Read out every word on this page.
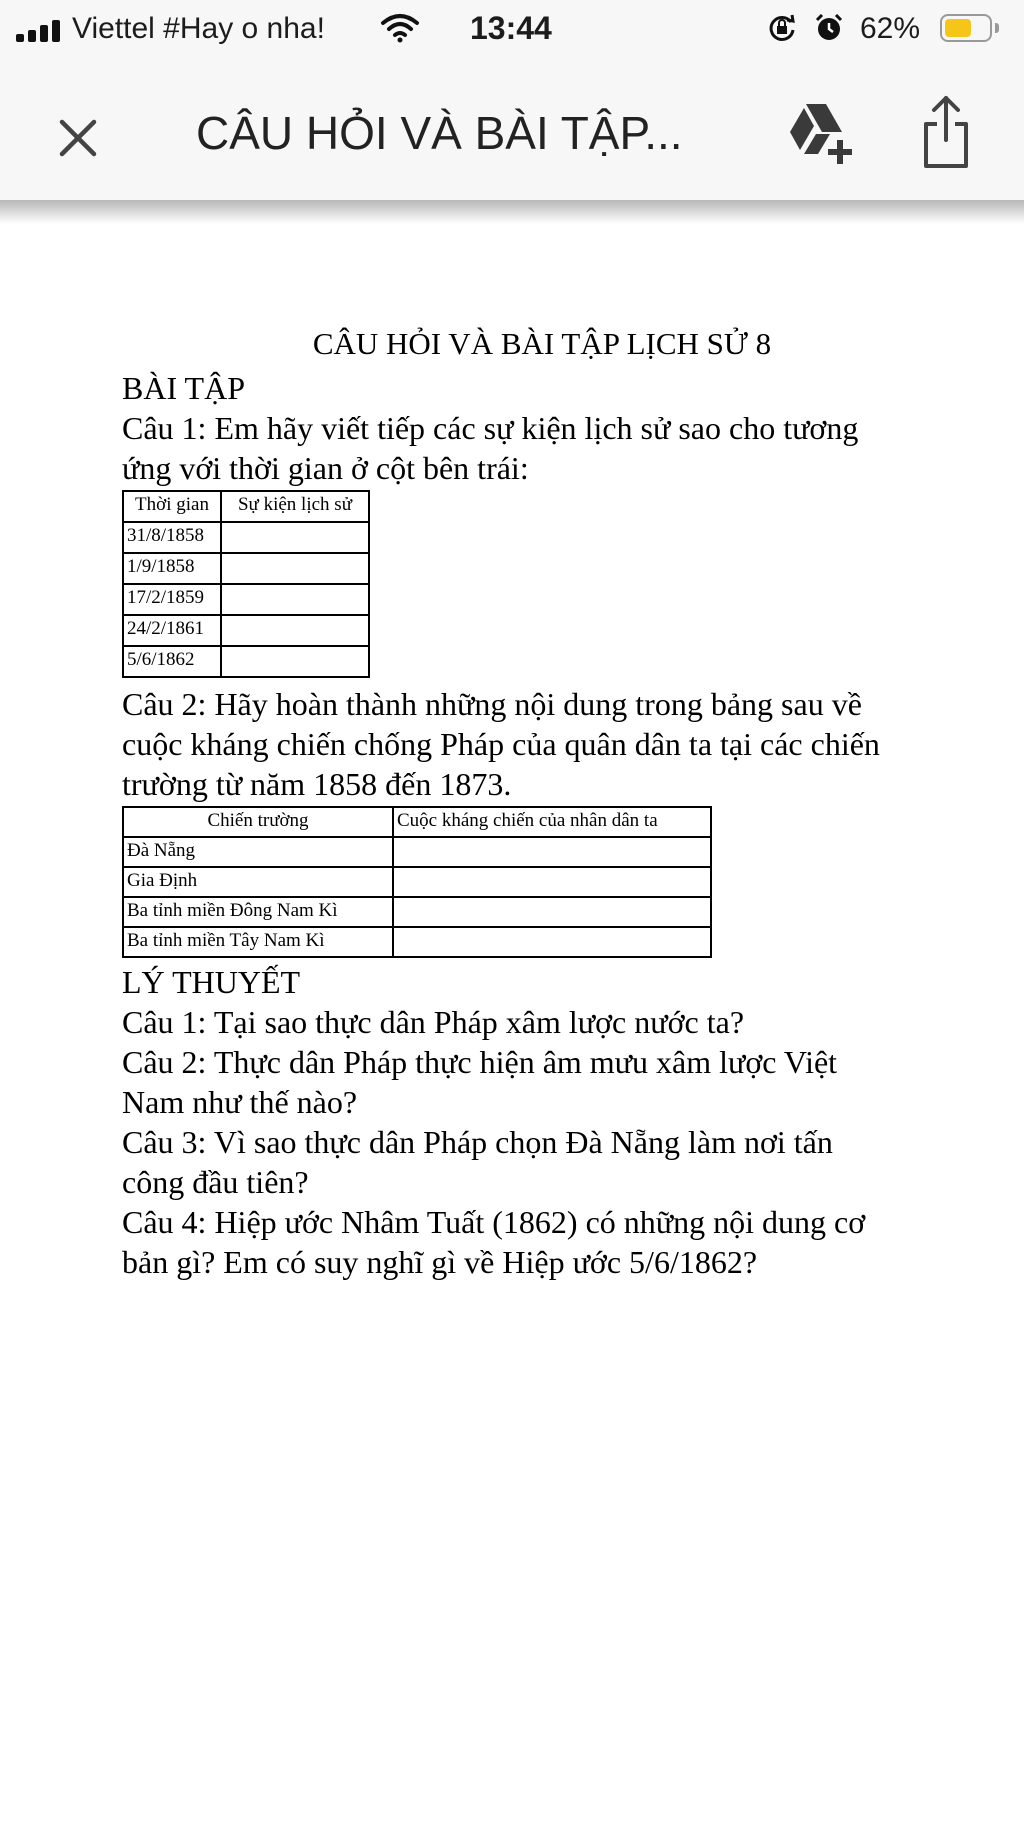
Viettel #Hay o nha!	13:44	62%
CÂU HỎI VÀ BÀI TẬP...
CÂU HỎI VÀ BÀI TẬP LỊCH SỬ 8
BÀI TẬP

Câu 1: Em hãy viết tiếp các sự kiện lịch sử sao cho tương ứng với thời gian ở cột bên trái:

Thời gian	Sự kiện lịch sử
31/8/1858	
1/9/1858	
17/2/1859	
24/2/1861	
5/6/1862	

Câu 2: Hãy hoàn thành những nội dung trong bảng sau về cuộc kháng chiến chống Pháp của quân dân ta tại các chiến trường từ năm 1858 đến 1873.

Chiến trường	Cuộc kháng chiến của nhân dân ta
Đà Nẵng	
Gia Định	
Ba tỉnh miền Đông Nam Kì	
Ba tỉnh miền Tây Nam Kì	
LÝ THUYẾT

Câu 1: Tại sao thực dân Pháp xâm lược nước ta?

Câu 2: Thực dân Pháp thực hiện âm mưu xâm lược Việt Nam như thế nào?

Câu 3: Vì sao thực dân Pháp chọn Đà Nẵng làm nơi tấn công đầu tiên?

Câu 4: Hiệp ước Nhâm Tuất (1862) có những nội dung cơ bản gì? Em có suy nghĩ gì về Hiệp ước 5/6/1862?
